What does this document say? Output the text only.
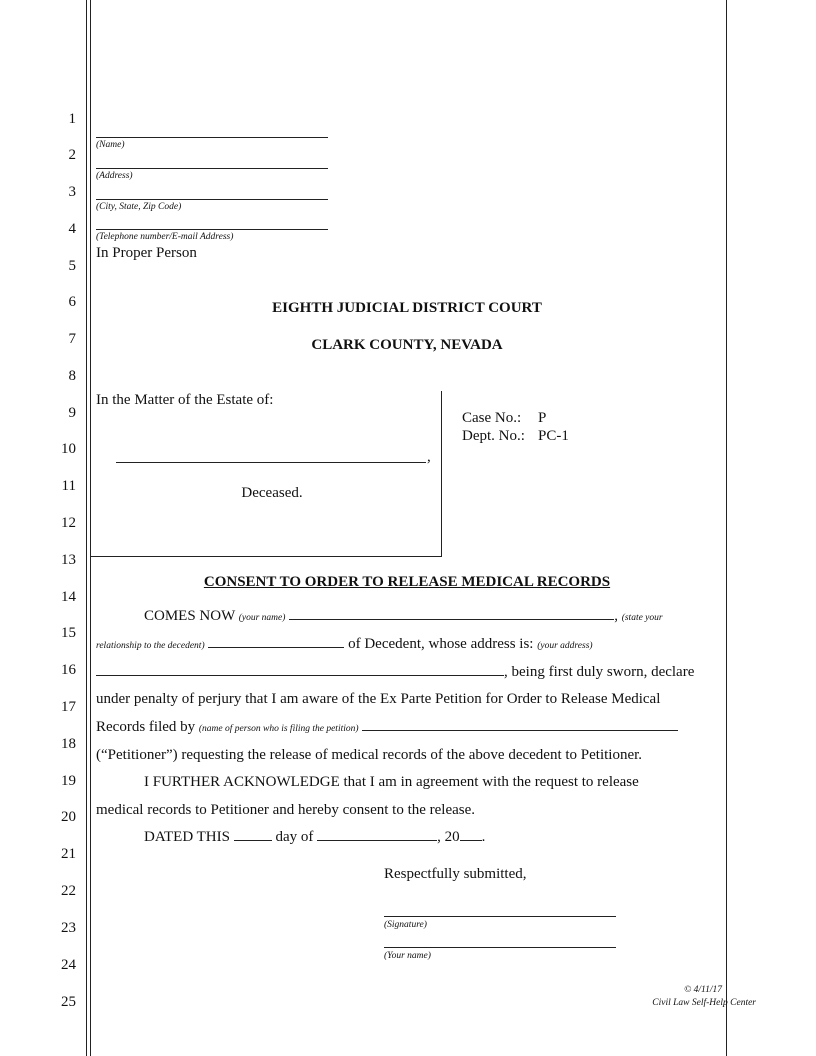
1
2
3
4
5
6
7
8
9
10
11
12
13
14
15
16
17
18
19
20
21
22
23
24
25
(Name)
(Address)
(City, State, Zip Code)
(Telephone number/E-mail Address)
In Proper Person
EIGHTH JUDICIAL DISTRICT COURT
CLARK COUNTY, NEVADA
In the Matter of the Estate of:
,
Deceased.
Case No.: P
Dept. No.: PC-1
CONSENT TO ORDER TO RELEASE MEDICAL RECORDS
COMES NOW (your name)	, (state your
relationship to the decedent)	of Decedent, whose address is: (your address)
, being first duly sworn, declare
under penalty of perjury that I am aware of the Ex Parte Petition for Order to Release Medical
Records filed by (name of person who is filing the petition)
(“Petitioner”) requesting the release of medical records of the above decedent to Petitioner.
I FURTHER ACKNOWLEDGE that I am in agreement with the request to release
medical records to Petitioner and hereby consent to the release.
DATED THIS	day of	, 20 .
Respectfully submitted,
(Signature)
(Your name)
© 4/11/17
Civil Law Self-Help Center
